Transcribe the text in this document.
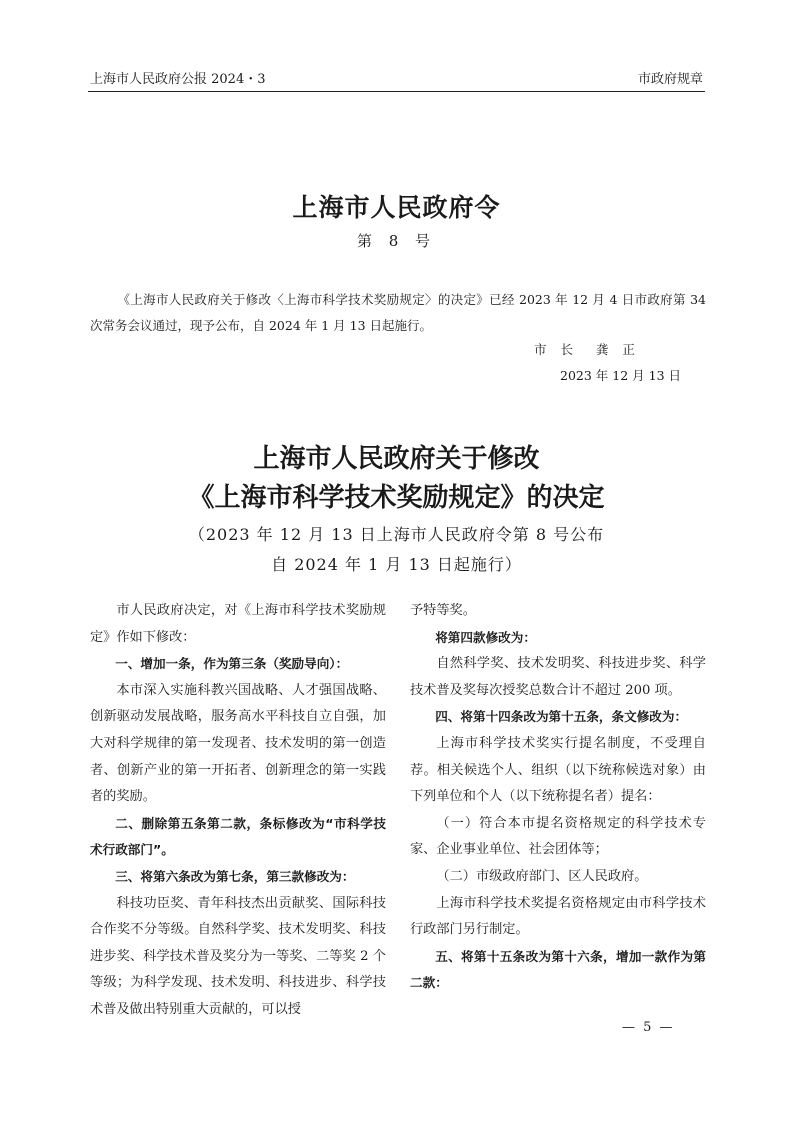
上海市人民政府公报 2024・3	市政府规章
上海市人民政府令
第 8 号
《上海市人民政府关于修改〈上海市科学技术奖励规定〉的决定》已经 2023 年 12 月 4 日市政府第 34 次常务会议通过，现予公布，自 2024 年 1 月 13 日起施行。
市 长  龚 正
2023 年 12 月 13 日
上海市人民政府关于修改
《上海市科学技术奖励规定》的决定
（2023 年 12 月 13 日上海市人民政府令第 8 号公布
自 2024 年 1 月 13 日起施行）

市人民政府决定，对《上海市科学技术奖励规定》作如下修改：

一、增加一条，作为第三条（奖励导向）：

本市深入实施科教兴国战略、人才强国战略、创新驱动发展战略，服务高水平科技自立自强，加大对科学规律的第一发现者、技术发明的第一创造者、创新产业的第一开拓者、创新理念的第一实践者的奖励。

二、删除第五条第二款，条标修改为“市科学技术行政部门”。

三、将第六条改为第七条，第三款修改为：

科技功臣奖、青年科技杰出贡献奖、国际科技合作奖不分等级。自然科学奖、技术发明奖、科技进步奖、科学技术普及奖分为一等奖、二等奖 2 个等级；为科学发现、技术发明、科技进步、科学技术普及做出特别重大贡献的，可以授

予特等奖。

将第四款修改为：

自然科学奖、技术发明奖、科技进步奖、科学技术普及奖每次授奖总数合计不超过 200 项。

四、将第十四条改为第十五条，条文修改为：

上海市科学技术奖实行提名制度，不受理自荐。相关候选个人、组织（以下统称候选对象）由下列单位和个人（以下统称提名者）提名：

（一）符合本市提名资格规定的科学技术专家、企业事业单位、社会团体等；

（二）市级政府部门、区人民政府。

上海市科学技术奖提名资格规定由市科学技术行政部门另行制定。

五、将第十五条改为第十六条，增加一款作为第二款：

— 5 —
